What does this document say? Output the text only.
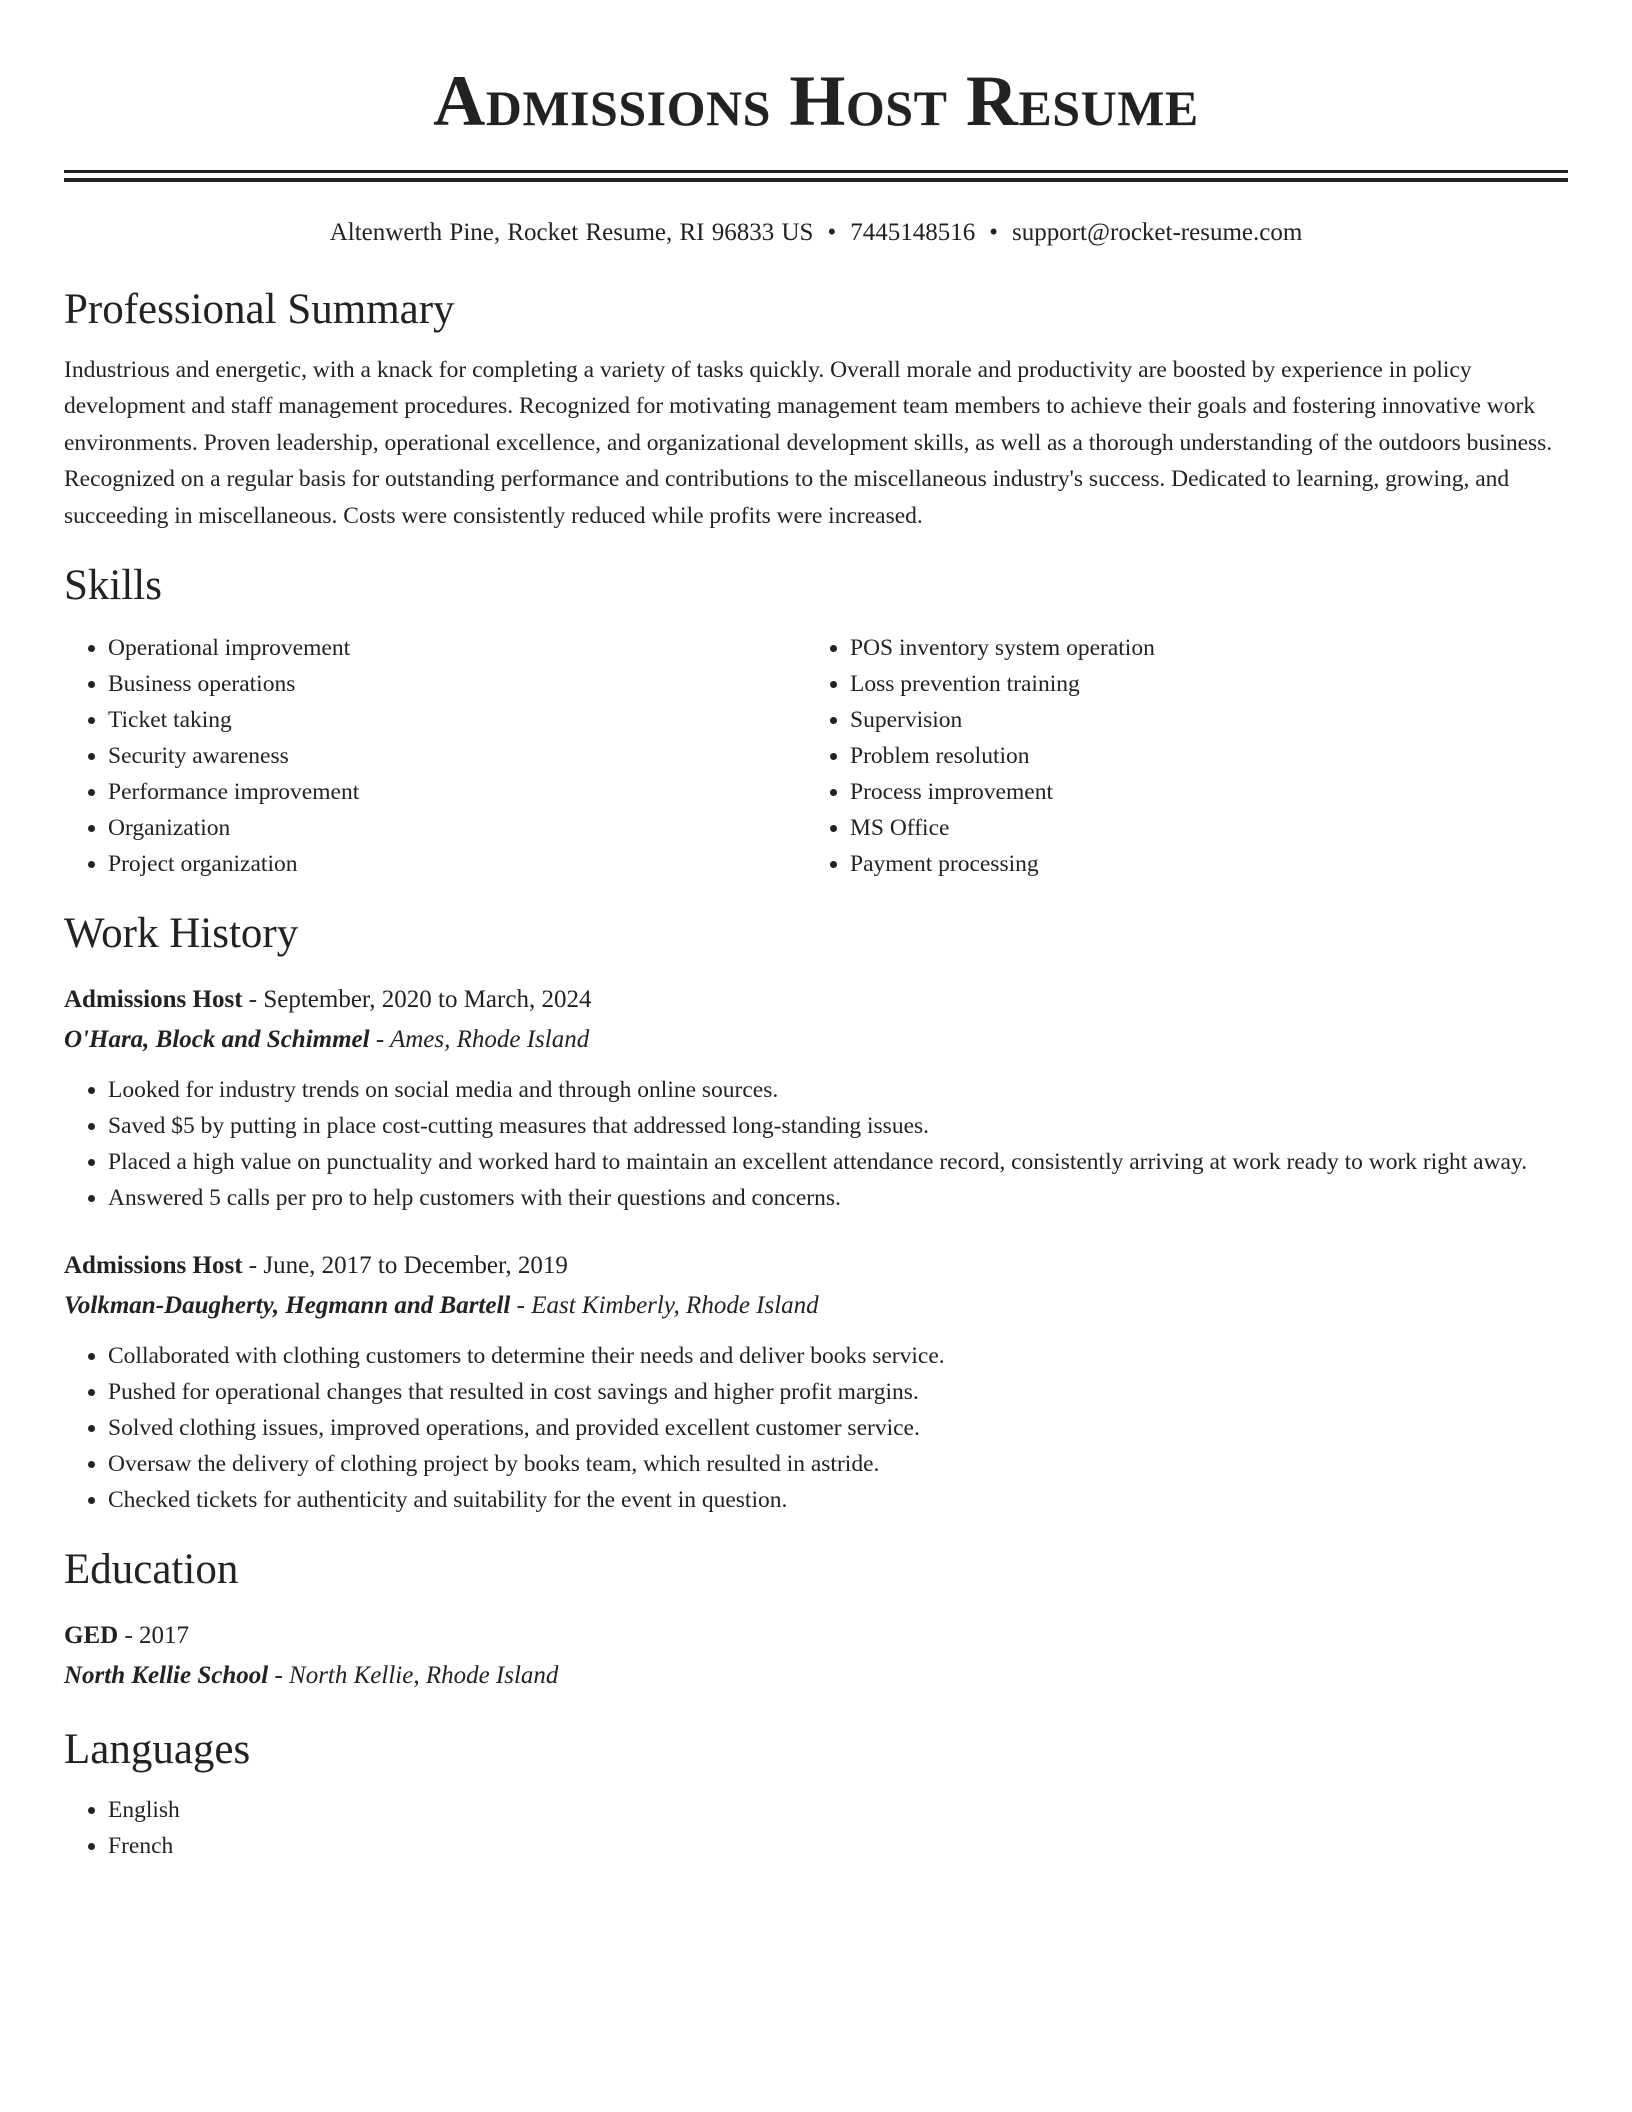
Admissions Host Resume
Altenwerth Pine, Rocket Resume, RI 96833 US • 7445148516 • support@rocket-resume.com
Professional Summary

Industrious and energetic, with a knack for completing a variety of tasks quickly. Overall morale and productivity are boosted by experience in policy development and staff management procedures. Recognized for motivating management team members to achieve their goals and fostering innovative work environments. Proven leadership, operational excellence, and organizational development skills, as well as a thorough understanding of the outdoors business. Recognized on a regular basis for outstanding performance and contributions to the miscellaneous industry's success. Dedicated to learning, growing, and succeeding in miscellaneous. Costs were consistently reduced while profits were increased.

Skills
• Operational improvement
• Business operations
• Ticket taking
• Security awareness
• Performance improvement
• Organization
• Project organization
• POS inventory system operation
• Loss prevention training
• Supervision
• Problem resolution
• Process improvement
• MS Office
• Payment processing
Work History
Admissions Host - September, 2020 to March, 2024
O'Hara, Block and Schimmel - Ames, Rhode Island
• Looked for industry trends on social media and through online sources.
• Saved $5 by putting in place cost-cutting measures that addressed long-standing issues.
• Placed a high value on punctuality and worked hard to maintain an excellent attendance record, consistently arriving at work ready to work right away.
• Answered 5 calls per pro to help customers with their questions and concerns.
Admissions Host - June, 2017 to December, 2019
Volkman-Daugherty, Hegmann and Bartell - East Kimberly, Rhode Island
• Collaborated with clothing customers to determine their needs and deliver books service.
• Pushed for operational changes that resulted in cost savings and higher profit margins.
• Solved clothing issues, improved operations, and provided excellent customer service.
• Oversaw the delivery of clothing project by books team, which resulted in astride.
• Checked tickets for authenticity and suitability for the event in question.
Education
GED - 2017
North Kellie School - North Kellie, Rhode Island
Languages
• English
• French
